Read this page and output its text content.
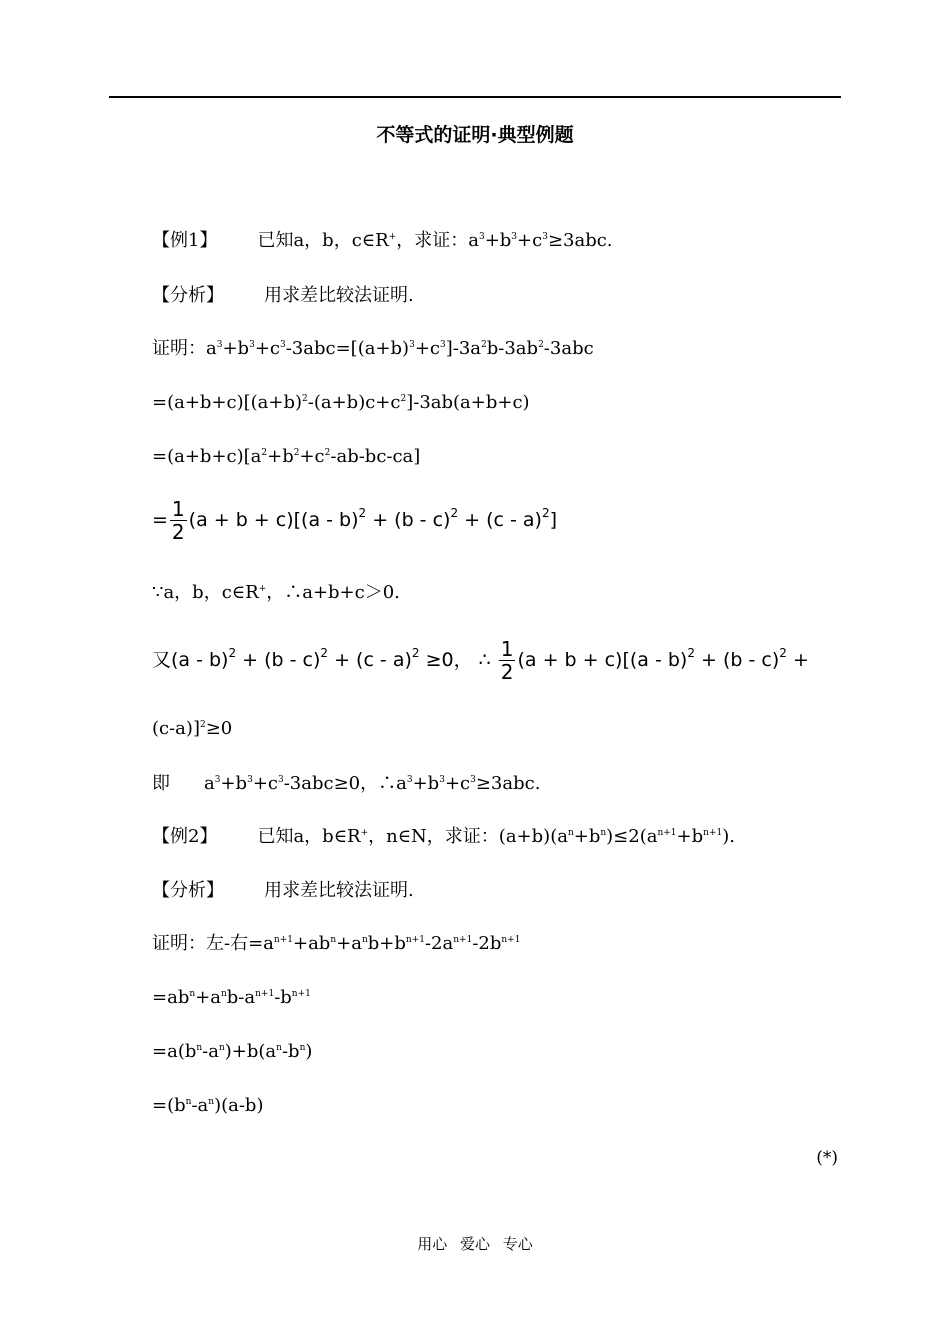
不等式的证明·典型例题
【例1】 已知a，b，c∈R+，求证：$a^3+b^3+c^3\ge 3abc$.
【分析】 用求差比较法证明.
证明：$a^3+b^3+c^3-3abc=[(a+b)^3+c^3]-3a^2b-3ab^2-3abc$
$=(a+b+c)[(a+b)^2-(a+b)c+c^2]-3ab(a+b+c)$
$=(a+b+c)[a^2+b^2+c^2-ab-bc-ca]$
= $\frac{1}{2} (a + b + c)[(a - b)^2 + (b - c)^2 + (c - a)^2]$
∵a，b，c∈R+，∴a+b+c＞0.
又(a - b)$^2$ + (b - c)$^2$ + (c - a)$^2$ ≥0， ∴ $\frac{1}{2} (a + b + c)[(a - b)^2 + (b - c)^2$ +
(c-a)]$^2$≥0
即 $a^3+b^3+c^3-3abc\ge 0$，$\therefore a^3+b^3+c^3\ge 3abc$.
【例2】 已知a，b∈R+，n∈N，求证：$(a+b)(a^n+b^n)\le 2(a^{n+1}+b^{n+1})$.
【分析】 用求差比较法证明.
证明：左-右$=a^{n+1}+ab^n+a^nb+b^{n+1}-2a^{n+1}-2b^{n+1}$
$=ab^n+a^nb-a^{n+1}-b^{n+1}$
$=a(b^n-a^n)+b(a^n-b^n)$
$=(b^n-a^n)(a-b)$
(*)
用心 爱心 专心
